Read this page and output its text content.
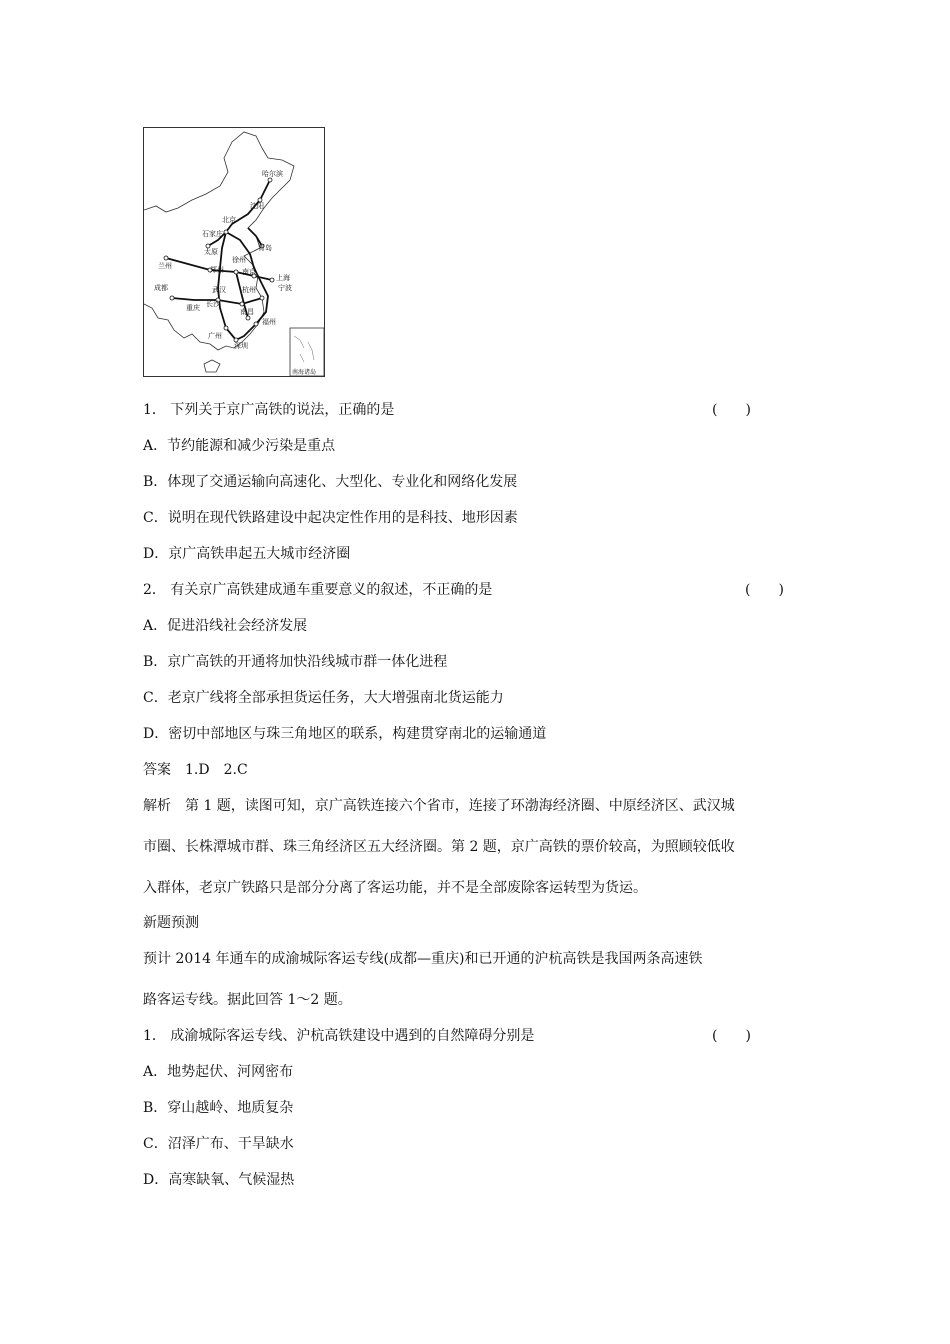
哈尔滨
沈阳
北京
石家庄
太原	青岛
兰州	郑州
徐州
南京
上海
宁波
成都	武汉 杭州
重庆 长沙
南昌
福州
广州
深圳
南海诸岛
1． 下列关于京广高铁的说法，正确的是	(　　)
A．节约能源和减少污染是重点
B．体现了交通运输向高速化、大型化、专业化和网络化发展
C．说明在现代铁路建设中起决定性作用的是科技、地形因素
D．京广高铁串起五大城市经济圈
2． 有关京广高铁建成通车重要意义的叙述，不正确的是	(　　)
A．促进沿线社会经济发展
B．京广高铁的开通将加快沿线城市群一体化进程
C．老京广线将全部承担货运任务，大大增强南北货运能力
D．密切中部地区与珠三角地区的联系，构建贯穿南北的运输通道
答案　1.D　2.C
解析　第 1 题，读图可知，京广高铁连接六个省市，连接了环渤海经济圈、中原经济区、武汉城
市圈、长株潭城市群、珠三角经济区五大经济圈。第 2 题，京广高铁的票价较高，为照顾较低收
入群体，老京广铁路只是部分分离了客运功能，并不是全部废除客运转型为货运。
新题预测
预计 2014 年通车的成渝城际客运专线(成都—重庆)和已开通的沪杭高铁是我国两条高速铁
路客运专线。据此回答 1～2 题。
1． 成渝城际客运专线、沪杭高铁建设中遇到的自然障碍分别是	(　　)
A．地势起伏、河网密布
B．穿山越岭、地质复杂
C．沼泽广布、干旱缺水
D．高寒缺氧、气候湿热
